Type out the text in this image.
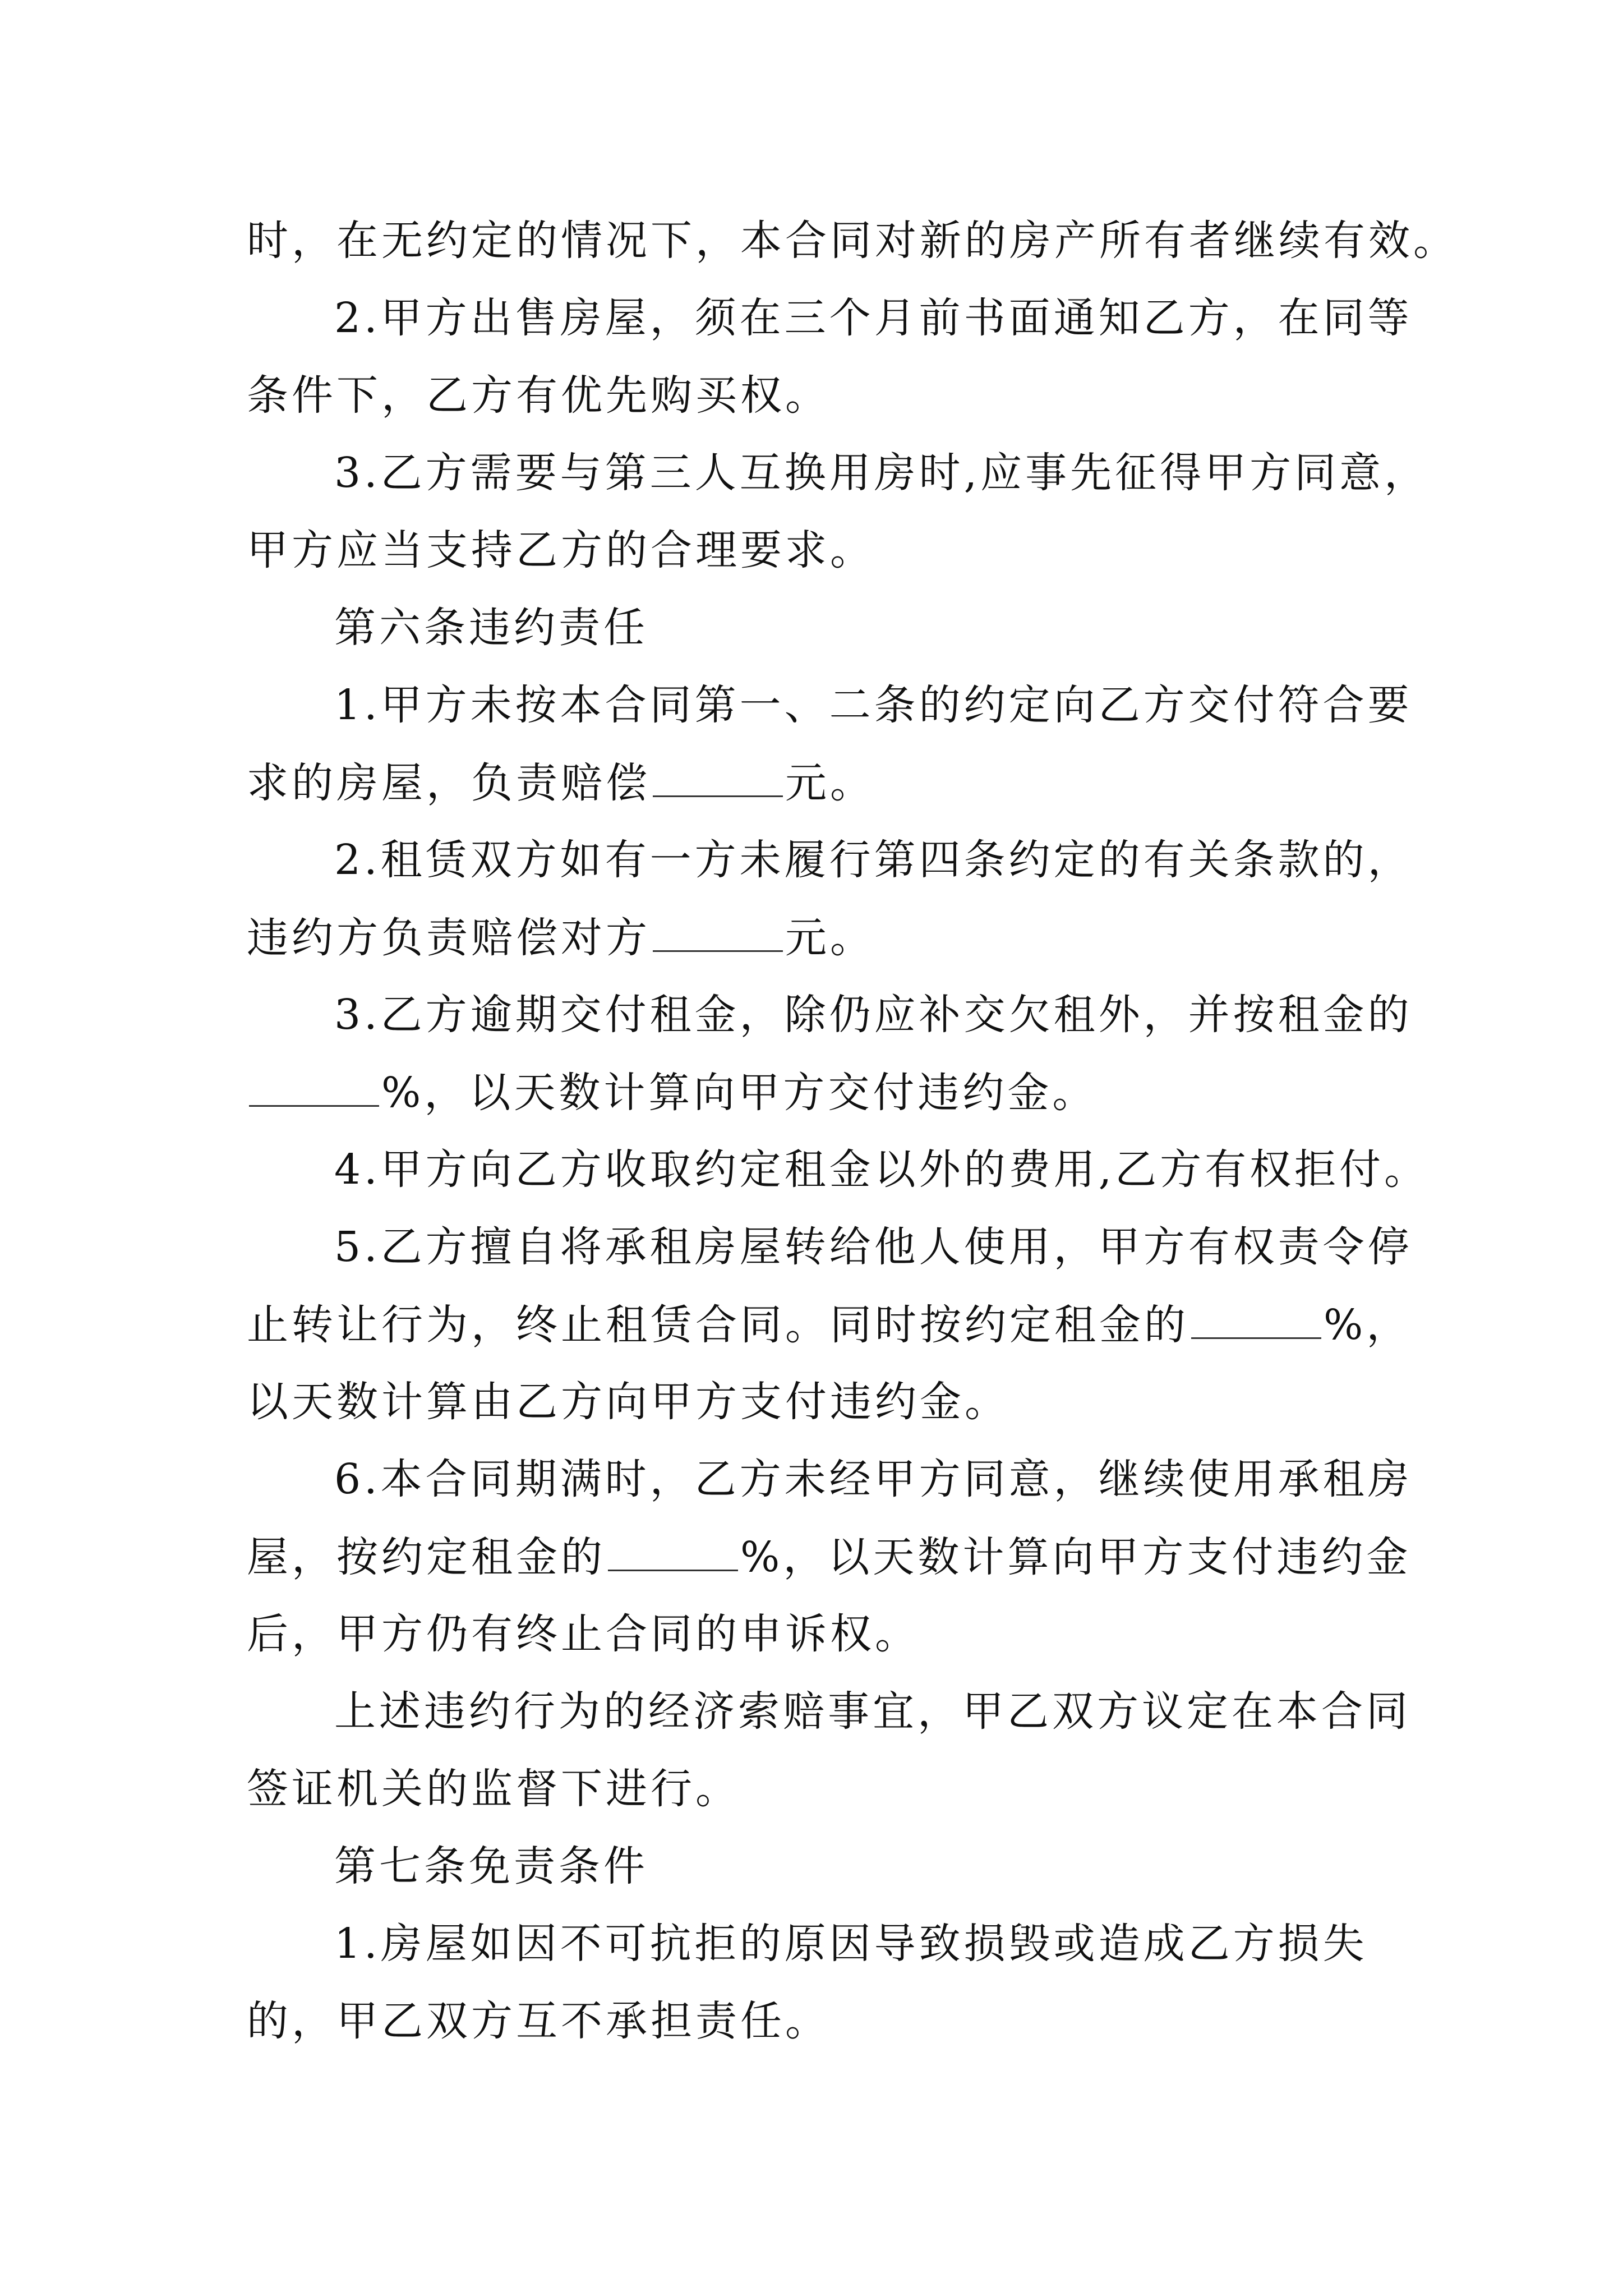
时，在无约定的情况下，本合同对新的房产所有者继续有效。
2.甲方出售房屋，须在三个月前书面通知乙方，在同等
条件下，乙方有优先购买权。
3.乙方需要与第三人互换用房时,应事先征得甲方同意，
甲方应当支持乙方的合理要求。
第六条违约责任
1.甲方未按本合同第一、二条的约定向乙方交付符合要
求的房屋，负责赔偿	元。
2.租赁双方如有一方未履行第四条约定的有关条款的，
违约方负责赔偿对方	元。
3.乙方逾期交付租金，除仍应补交欠租外，并按租金的
%，以天数计算向甲方交付违约金。
4.甲方向乙方收取约定租金以外的费用,乙方有权拒付。
5.乙方擅自将承租房屋转给他人使用，甲方有权责令停
止转让行为，终止租赁合同。同时按约定租金的	%，
以天数计算由乙方向甲方支付违约金。
6.本合同期满时，乙方未经甲方同意，继续使用承租房
屋，按约定租金的	%，以天数计算向甲方支付违约金
后，甲方仍有终止合同的申诉权。
上述违约行为的经济索赔事宜，甲乙双方议定在本合同
签证机关的监督下进行。
第七条免责条件
1.房屋如因不可抗拒的原因导致损毁或造成乙方损失
的，甲乙双方互不承担责任。
